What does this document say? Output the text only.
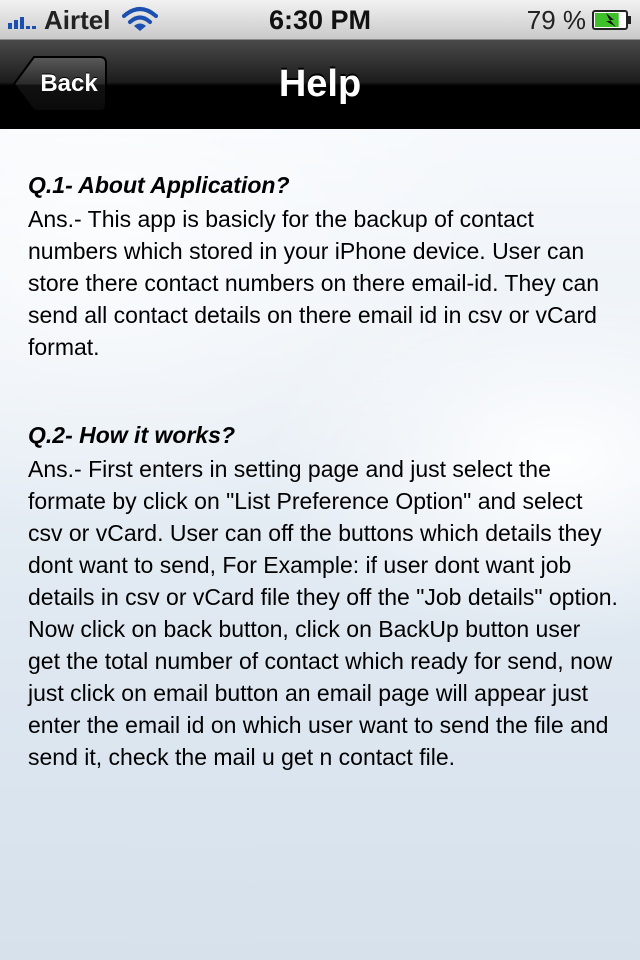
Airtel	6:30 PM	79 %
Back	Help
Q.1- About Application?
Ans.- This app is basicly for the backup of contact numbers which stored in your iPhone device. User can store there contact numbers on there email-id. They can send all contact details on there email id in csv or vCard format.
Q.2- How it works?
Ans.- First enters in setting page and just select the formate by click on "List Preference Option" and select csv or vCard. User can off the buttons which details they dont want to send, For Example: if user dont want job details in csv or vCard file they off the "Job details" option. Now click on back button, click on BackUp button user get the total number of contact which ready for send, now just click on email button an email page will appear just enter the email id on which user want to send the file and send it, check the mail u get n contact file.
